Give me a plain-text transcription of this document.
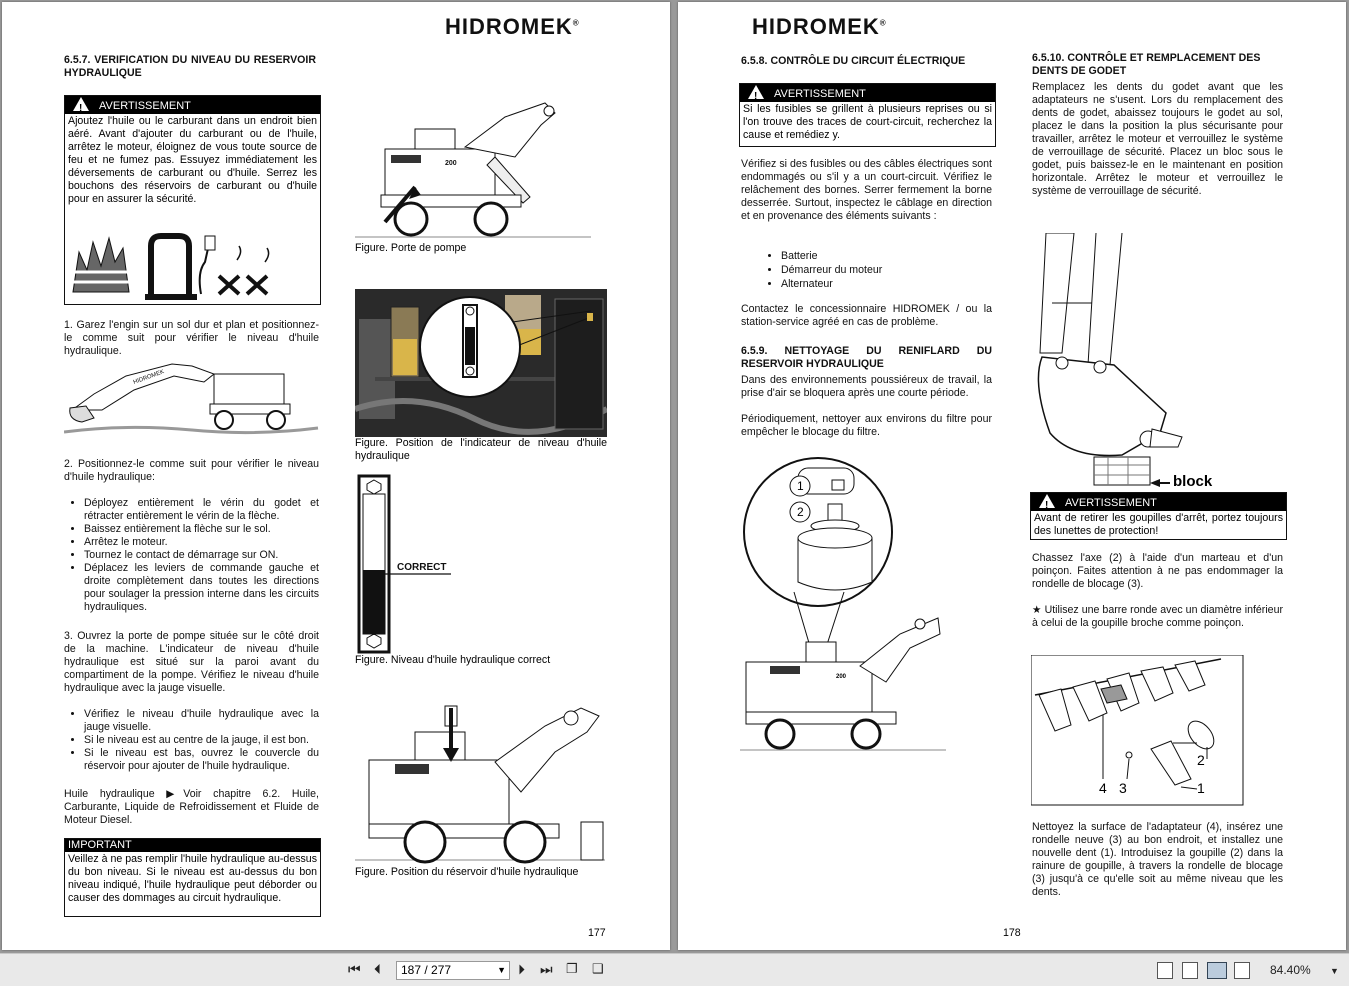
HIDROMEK®
6.5.7. VERIFICATION DU NIVEAU DU RESERVOIR HYDRAULIQUE
! AVERTISSEMENT
Ajoutez l'huile ou le carburant dans un endroit bien aéré. Avant d'ajouter du carburant ou de l'huile, arrêtez le moteur, éloignez de vous toute source de feu et ne fumez pas. Essuyez immédiatement les déversements de carburant ou d'huile. Serrez les bouchons des réservoirs de carburant ou d'huile pour en assurer la sécurité.
1. Garez l'engin sur un sol dur et plan et positionnez-le comme suit pour vérifier le niveau d'huile hydraulique.
HIDROMEK
2. Positionnez-le comme suit pour vérifier le niveau d'huile hydraulique:
• Déployez entièrement le vérin du godet et rétracter entièrement le vérin de la flèche.
• Baissez entièrement la flèche sur le sol.
• Arrêtez le moteur.
• Tournez le contact de démarrage sur ON.
• Déplacez les leviers de commande gauche et droite complètement dans toutes les directions pour soulager la pression interne dans les circuits hydrauliques.
3. Ouvrez la porte de pompe située sur le côté droit de la machine. L'indicateur de niveau d'huile hydraulique est situé sur la paroi avant du compartiment de la pompe. Vérifiez le niveau d'huile hydraulique avec la jauge visuelle.
• Vérifiez le niveau d'huile hydraulique avec la jauge visuelle.
• Si le niveau est au centre de la jauge, il est bon.
• Si le niveau est bas, ouvrez le couvercle du réservoir pour ajouter de l'huile hydraulique.
Huile hydraulique ▶Voir chapitre 6.2. Huile, Carburante, Liquide de Refroidissement et Fluide de Moteur Diesel.
IMPORTANT
Veillez à ne pas remplir l'huile hydraulique au-dessus du bon niveau. Si le niveau est au-dessus du bon niveau indiqué, l'huile hydraulique peut déborder ou causer des dommages au circuit hydraulique.
200
Figure. Porte de pompe
Figure. Position de l'indicateur de niveau d'huile hydraulique
CORRECT
Figure. Niveau d'huile hydraulique correct
Figure. Position du réservoir d'huile hydraulique
177
HIDROMEK®
6.5.8. CONTRÔLE DU CIRCUIT ÉLECTRIQUE
! AVERTISSEMENT
Si les fusibles se grillent à plusieurs reprises ou si l'on trouve des traces de court-circuit, recherchez la cause et remédiez y.
Vérifiez si des fusibles ou des câbles électriques sont endommagés ou s'il y a un court-circuit. Vérifiez le relâchement des bornes. Serrer fermement la borne desserrée. Surtout, inspectez le câblage en direction et en provenance des éléments suivants :
• Batterie
• Démarreur du moteur
• Alternateur
Contactez le concessionnaire HIDROMEK / ou la station-service agréé en cas de problème.
6.5.9. NETTOYAGE DU RENIFLARD DU RESERVOIR HYDRAULIQUE
Dans des environnements poussiéreux de travail, la prise d'air se bloquera après une courte période.
Périodiquement, nettoyer aux environs du filtre pour empêcher le blocage du filtre.
1
2
200
6.5.10. CONTRÔLE ET REMPLACEMENT DES DENTS DE GODET
Remplacez les dents du godet avant que les adaptateurs ne s'usent. Lors du remplacement des dents de godet, abaissez toujours le godet au sol, placez le dans la position la plus sécurisante pour travailler, arrêtez le moteur et verrouillez le système de verrouillage de sécurité. Placez un bloc sous le godet, puis baissez-le en le maintenant en position horizontale. Arrêtez le moteur et verrouillez le système de verrouillage de sécurité.
block
! AVERTISSEMENT
Avant de retirer les goupilles d'arrêt, portez toujours des lunettes de protection!
Chassez l'axe (2) à l'aide d'un marteau et d'un poinçon. Faites attention à ne pas endommager la rondelle de blocage (3).
★ Utilisez une barre ronde avec un diamètre inférieur à celui de la goupille broche comme poinçon.
2
1
4 3
Nettoyez la surface de l'adaptateur (4), insérez une rondelle neuve (3) au bon endroit, et installez une nouvelle dent (1). Introduisez la goupille (2) dans la rainure de goupille, à travers la rondelle de blocage (3) jusqu'à ce qu'elle soit au même niveau que les dents.
178
⏮ ⏴	187 / 277	▼ ⏵ ⏭ ❐ ❑	84.40% ▼
